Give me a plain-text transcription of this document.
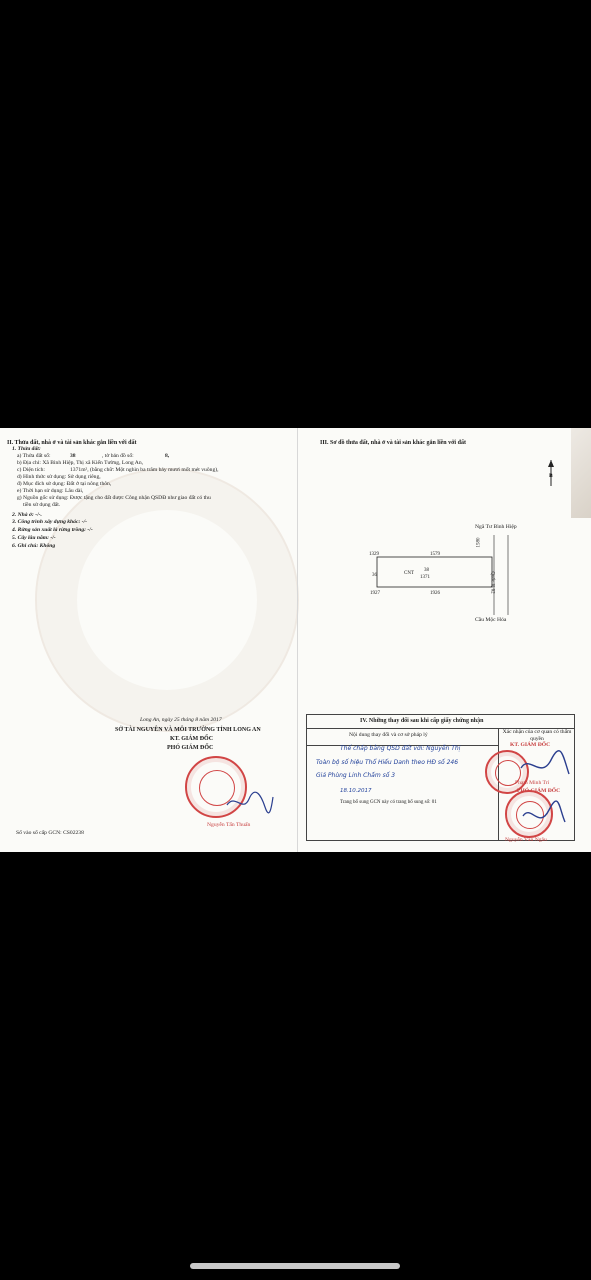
II. Thửa đất, nhà ở và tài sản khác gắn liền với đất
1. Thửa đất:
a) Thửa đất số:	38	, tờ bản đồ số:	8,
b) Địa chỉ: Xã Bình Hiệp, Thị xã Kiến Tường, Long An,
c) Diện tích:	1371m², (bằng chữ: Một nghìn ba trăm bảy mươi mốt mét vuông),
d) Hình thức sử dụng: Sử dụng riêng,
đ) Mục đích sử dụng: Đất ở tại nông thôn,
e) Thời hạn sử dụng: Lâu dài,
g) Nguồn gốc sử dụng: Được tặng cho đất được Công nhận QSDĐ như giao đất có thu
tiền sử dụng đất.
2. Nhà ở: -/-.
3. Công trình xây dựng khác: -/-
4. Rừng sản xuất là rừng trồng: -/-
5. Cây lâu năm: -/-
6. Ghi chú: Không
Long An, ngày 25 tháng 8 năm 2017
SỞ TÀI NGUYÊN VÀ MÔI TRƯỜNG TỈNH LONG AN
KT. GIÁM ĐỐC
PHÓ GIÁM ĐỐC
Nguyễn Tấn Thuấn
Số vào sổ cấp GCN: CS02238
III. Sơ đồ thửa đất, nhà ở và tài sản khác gắn liền với đất
B
Ngã Tư Bình Hiệp
Cầu Mộc Hóa
1329	1579
1580
36	CNT
38
1371
1927	1926	Quốc lộ 62
IV. Những thay đổi sau khi cấp giấy chứng nhận
Nội dung thay đổi và cơ sở pháp lý	Xác nhận của cơ quan có thẩm quyền
Thế chấp bằng QSD đất với: Nguyễn Thị
Toàn bộ số hiệu Thổ Hiếu Danh theo HĐ số 246
Giá Phùng Linh Chấm số 3
18.10.2017
Trang bổ sung GCN này có trang bổ sung số: 01
KT. GIÁM ĐỐC
Phạm Minh Trí
PHÓ GIÁM ĐỐC
Nguyễn Văn Ngâu
